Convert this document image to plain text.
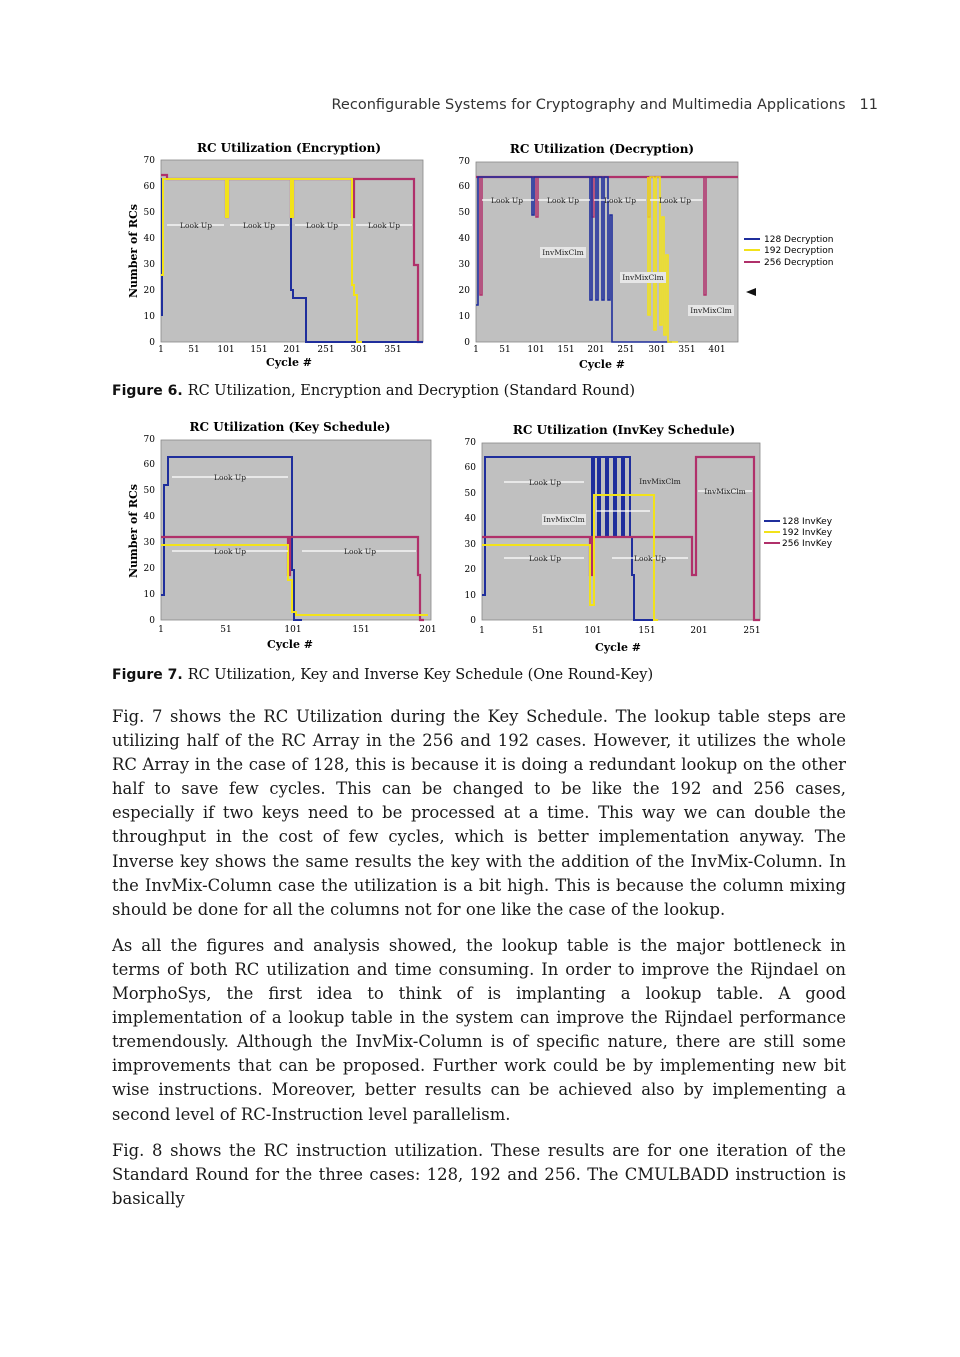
Reconfigurable Systems for Cryptography and Multimedia Applications 11
RC Utilization (Encryption)
Number of RCs
0
10
20
30
40
50
60
70
1	51 101 151 201 251 301 351
Cycle #
Look Up	Look Up	Look Up	Look Up
RC Utilization (Decryption)
0
10
20
30
40
50
60
70
1 51 101 151 201 251 301 351 401
Cycle #
Look Up	Look Up	Look Up	Look Up
InvMixClm
InvMixClm
InvMixClm
128 Decryption
192 Decryption
256 Decryption
Figure 6. RC Utilization, Encryption and Decryption (Standard Round)
RC Utilization (Key Schedule)
Number of RCs
0
10
20
30
40
50
60
70
1	51	101	151	201
Cycle #
Look Up
Look Up	Look Up
RC Utilization (InvKey Schedule)
0
10
20
30
40
50
60
70
1	51	101	151	201	251
Cycle #
Look Up	InvMixClm
InvMixClm
InvMixClm
Look Up	Look Up
128 InvKey
192 InvKey
256 InvKey
Figure 7. RC Utilization, Key and Inverse Key Schedule (One Round-Key)

Fig. 7 shows the RC Utilization during the Key Schedule. The lookup table steps are utilizing half of the RC Array in the 256 and 192 cases. However, it utilizes the whole RC Array in the case of 128, this is because it is doing a redundant lookup on the other half to save few cycles. This can be changed to be like the 192 and 256 cases, especially if two keys need to be processed at a time. This way we can double the throughput in the cost of few cycles, which is better implementation anyway. The Inverse key shows the same results the key with the addition of the InvMix-Column. In the InvMix-Column case the utilization is a bit high. This is because the column mixing should be done for all the columns not for one like the case of the lookup.

As all the figures and analysis showed, the lookup table is the major bottleneck in terms of both RC utilization and time consuming. In order to improve the Rijndael on MorphoSys, the first idea to think of is implanting a lookup table. A good implementation of a lookup table in the system can improve the Rijndael performance tremendously. Although the InvMix-Column is of specific nature, there are still some improvements that can be proposed. Further work could be by implementing new bit wise instructions. Moreover, better results can be achieved also by implementing a second level of RC-Instruction level parallelism.

Fig. 8 shows the RC instruction utilization. These results are for one iteration of the Standard Round for the three cases: 128, 192 and 256. The CMULBADD instruction is basically
